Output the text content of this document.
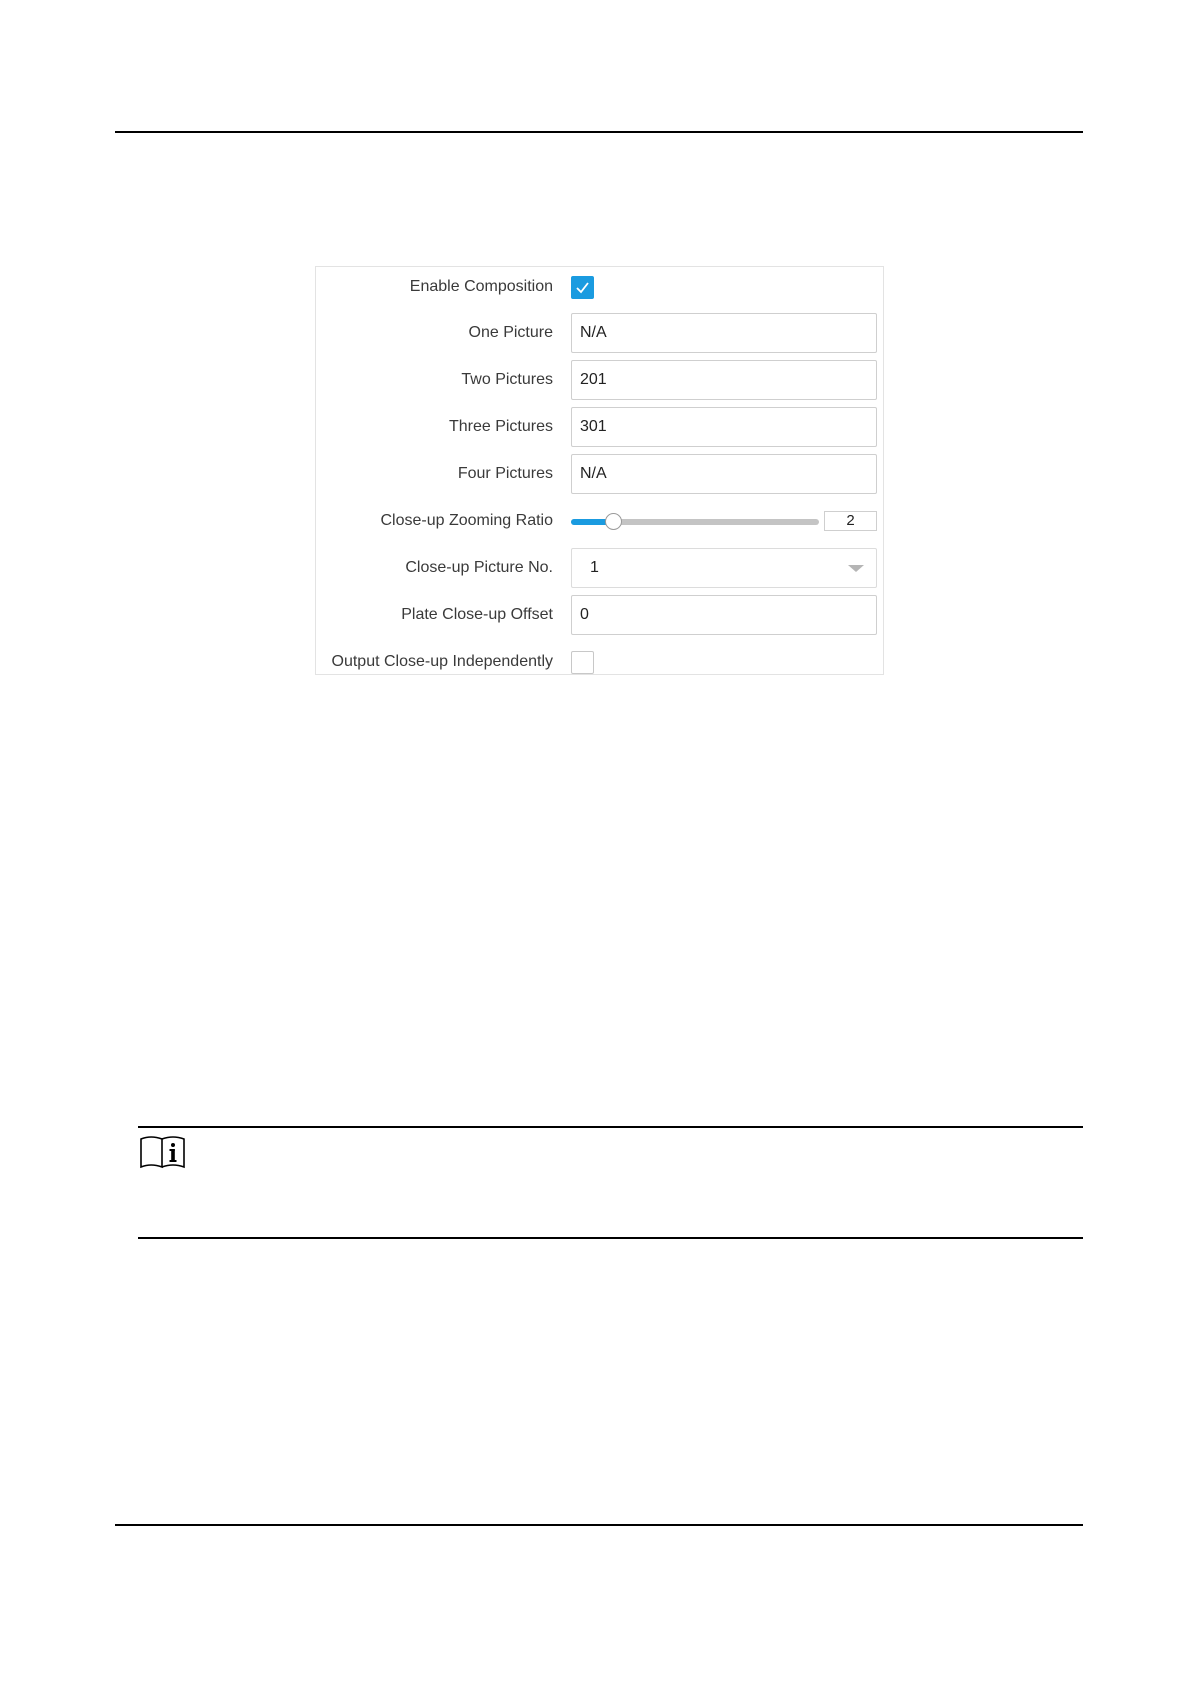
Enable Composition
One Picture	N/A
Two Pictures	201
Three Pictures	301
Four Pictures	N/A
Close-up Zooming Ratio	2
Close-up Picture No.	1
Plate Close-up Offset	0
Output Close-up Independently
